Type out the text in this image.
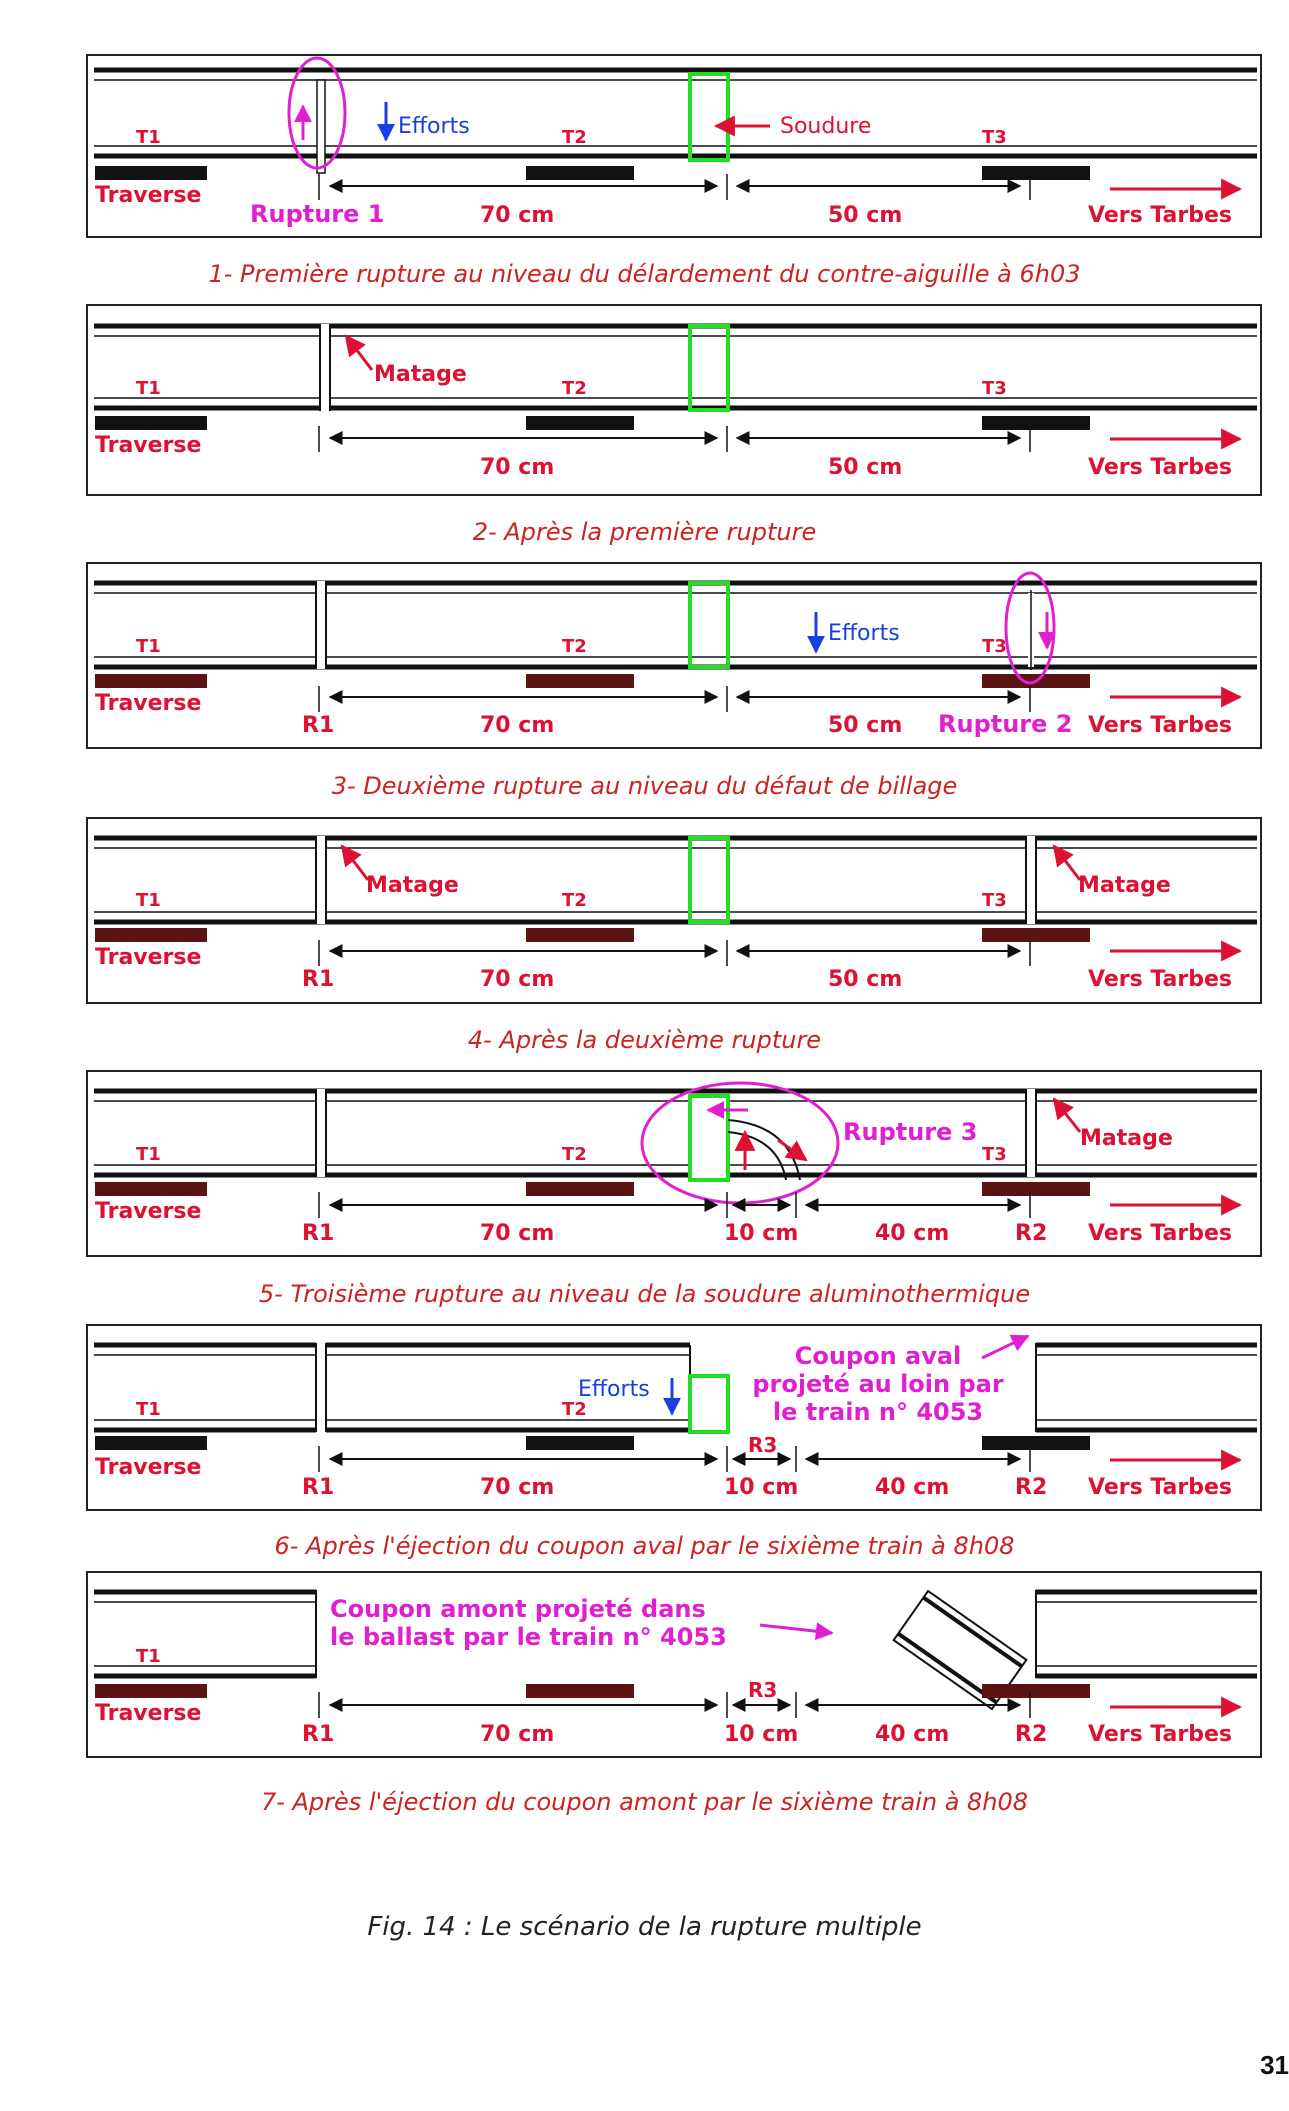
T1	T2	T3
Traverse
Rupture 1
Efforts	Soudure
70 cm	50 cm	Vers Tarbes
T1	T2	T3
Traverse
Matage
70 cm	50 cm	Vers Tarbes
T1	T2	T3
Traverse
Efforts
R1	70 cm	50 cm Rupture 2 Vers Tarbes
T1	T2	T3
Traverse
Matage	Matage
R1	70 cm	50 cm	Vers Tarbes
T1	T2	T3
Traverse
Rupture 3	Matage
R1	70 cm	10 cm	40 cm	R2 Vers Tarbes
T1	T2
Traverse
Efforts
Coupon aval
projeté au loin par
le train n° 4053
R3
R1	70 cm	10 cm	40 cm	R2 Vers Tarbes
T1
Traverse
Coupon amont projeté dans
le ballast par le train n° 4053
R3
R1	70 cm	10 cm	40 cm	R2 Vers Tarbes
1- Première rupture au niveau du délardement du contre-aiguille à 6h03
2- Après la première rupture
3- Deuxième rupture au niveau du défaut de billage
4- Après la deuxième rupture
5- Troisième rupture au niveau de la soudure aluminothermique
6- Après l'éjection du coupon aval par le sixième train à 8h08
7- Après l'éjection du coupon amont par le sixième train à 8h08
Fig. 14 : Le scénario de la rupture multiple
31
